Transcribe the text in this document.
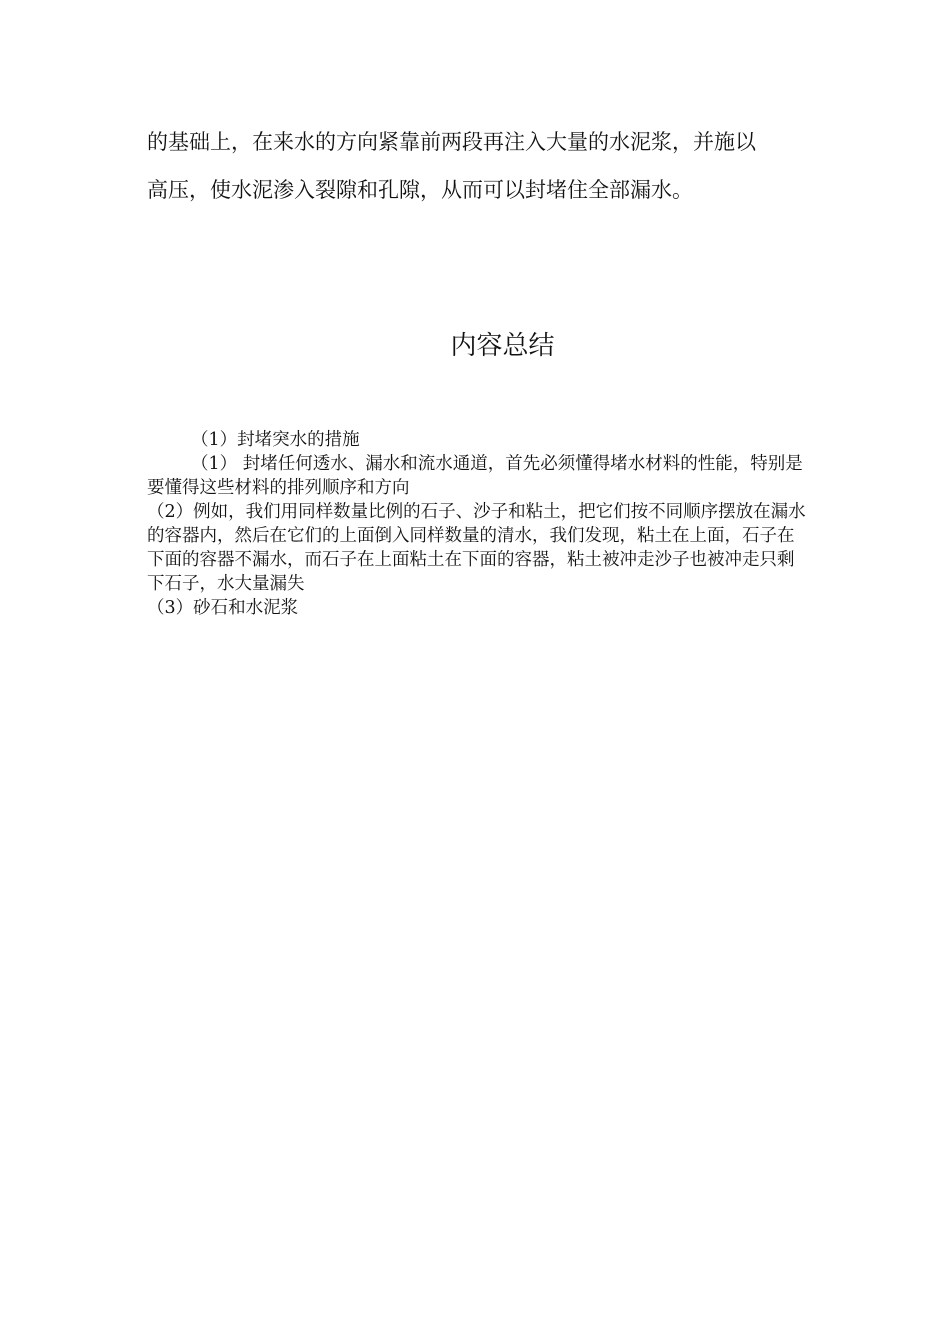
的基础上，在来水的方向紧靠前两段再注入大量的水泥浆，并施以

高压，使水泥渗入裂隙和孔隙，从而可以封堵住全部漏水。

内容总结

（1）封堵突水的措施

（1） 封堵任何透水、漏水和流水通道，首先必须懂得堵水材料的性能，特别是要懂得这些材料的排列顺序和方向

（2）例如，我们用同样数量比例的石子、沙子和粘土，把它们按不同顺序摆放在漏水的容器内，然后在它们的上面倒入同样数量的清水，我们发现，粘土在上面，石子在下面的容器不漏水，而石子在上面粘土在下面的容器，粘土被冲走沙子也被冲走只剩下石子，水大量漏失

（3）砂石和水泥浆
